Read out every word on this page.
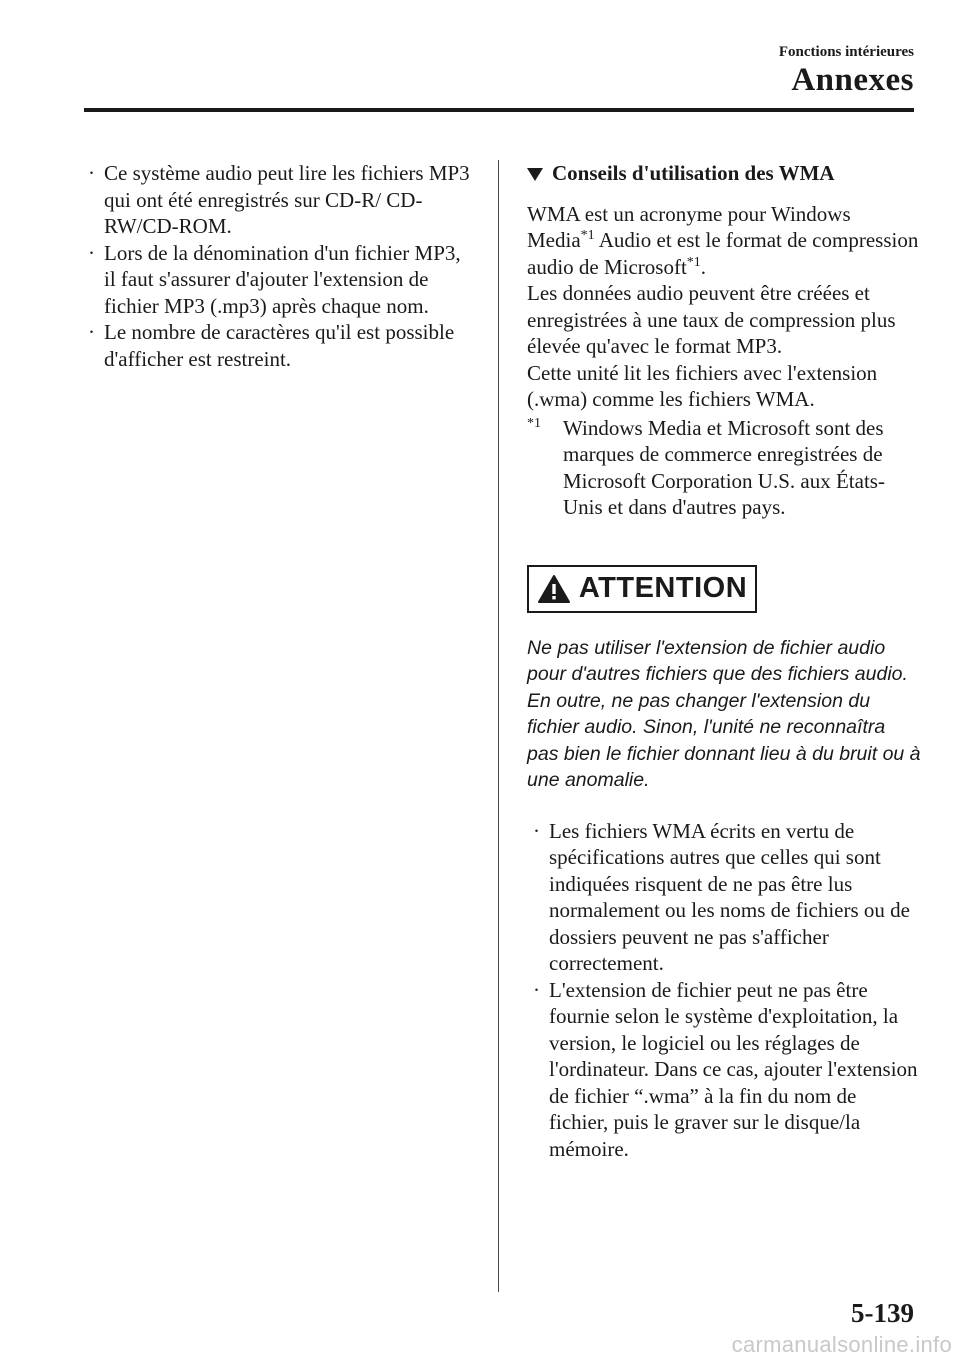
Fonctions intérieures
Annexes
· Ce système audio peut lire les fichiers MP3 qui ont été enregistrés sur CD-R/ CD-RW/CD-ROM.
· Lors de la dénomination d'un fichier MP3, il faut s'assurer d'ajouter l'extension de fichier MP3 (.mp3) après chaque nom.
· Le nombre de caractères qu'il est possible d'afficher est restreint.
Conseils d'utilisation des WMA

WMA est un acronyme pour Windows Media$^{*1}$ Audio et est le format de compression audio de Microsoft$^{*1}$.

Les données audio peuvent être créées et enregistrées à une taux de compression plus élevée qu'avec le format MP3.

Cette unité lit les fichiers avec l'extension (.wma) comme les fichiers WMA.

$^{*1}$ Windows Media et Microsoft sont des marques de commerce enregistrées de Microsoft Corporation U.S. aux États-Unis et dans d'autres pays.
ATTENTION
Ne pas utiliser l'extension de fichier audio pour d'autres fichiers que des fichiers audio. En outre, ne pas changer l'extension du fichier audio. Sinon, l'unité ne reconnaîtra pas bien le fichier donnant lieu à du bruit ou à une anomalie.
· Les fichiers WMA écrits en vertu de spécifications autres que celles qui sont indiquées risquent de ne pas être lus normalement ou les noms de fichiers ou de dossiers peuvent ne pas s'afficher correctement.
· L'extension de fichier peut ne pas être fournie selon le système d'exploitation, la version, le logiciel ou les réglages de l'ordinateur. Dans ce cas, ajouter l'extension de fichier “.wma” à la fin du nom de fichier, puis le graver sur le disque/la mémoire.
5-139
carmanualsonline.info
